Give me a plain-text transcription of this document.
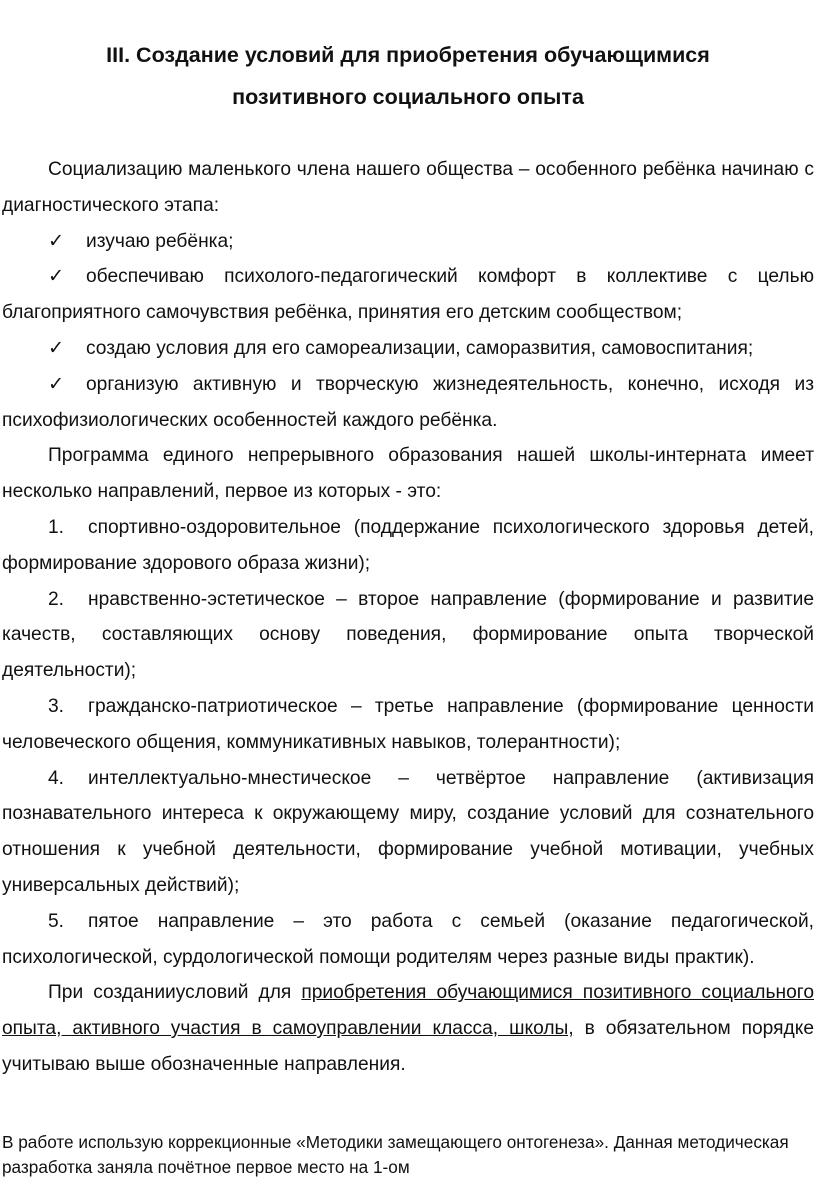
III. Создание условий для приобретения обучающимися
позитивного социального опыта

Социализацию маленького члена нашего общества – особенного ребёнка начинаю с диагностического этапа:

✓ изучаю ребёнка;

✓ обеспечиваю психолого-педагогический комфорт в коллективе с целью благоприятного самочувствия ребёнка, принятия его детским сообществом;

✓ создаю условия для его самореализации, саморазвития, самовоспитания;

✓ организую активную и творческую жизнедеятельность, конечно, исходя из психофизиологических особенностей каждого ребёнка.

Программа единого непрерывного образования нашей школы-интерната имеет несколько направлений, первое из которых - это:

1. спортивно-оздоровительное (поддержание психологического здоровья детей, формирование здорового образа жизни);

2. нравственно-эстетическое – второе направление (формирование и развитие качеств, составляющих основу поведения, формирование опыта творческой деятельности);

3. гражданско-патриотическое – третье направление (формирование ценности человеческого общения, коммуникативных навыков, толерантности);

4. интеллектуально-мнестическое – четвёртое направление (активизация познавательного интереса к окружающему миру, создание условий для сознательного отношения к учебной деятельности, формирование учебной мотивации, учебных универсальных действий);

5. пятое направление – это работа с семьей (оказание педагогической, психологической, сурдологической помощи родителям через разные виды практик).

При созданииусловий для приобретения обучающимися позитивного социального опыта, активного участия в самоуправлении класса, школы, в обязательном порядке учитываю выше обозначенные направления.

В работе использую коррекционные «Методики замещающего онтогенеза». Данная методическая разработка заняла почётное первое место на 1-ом
